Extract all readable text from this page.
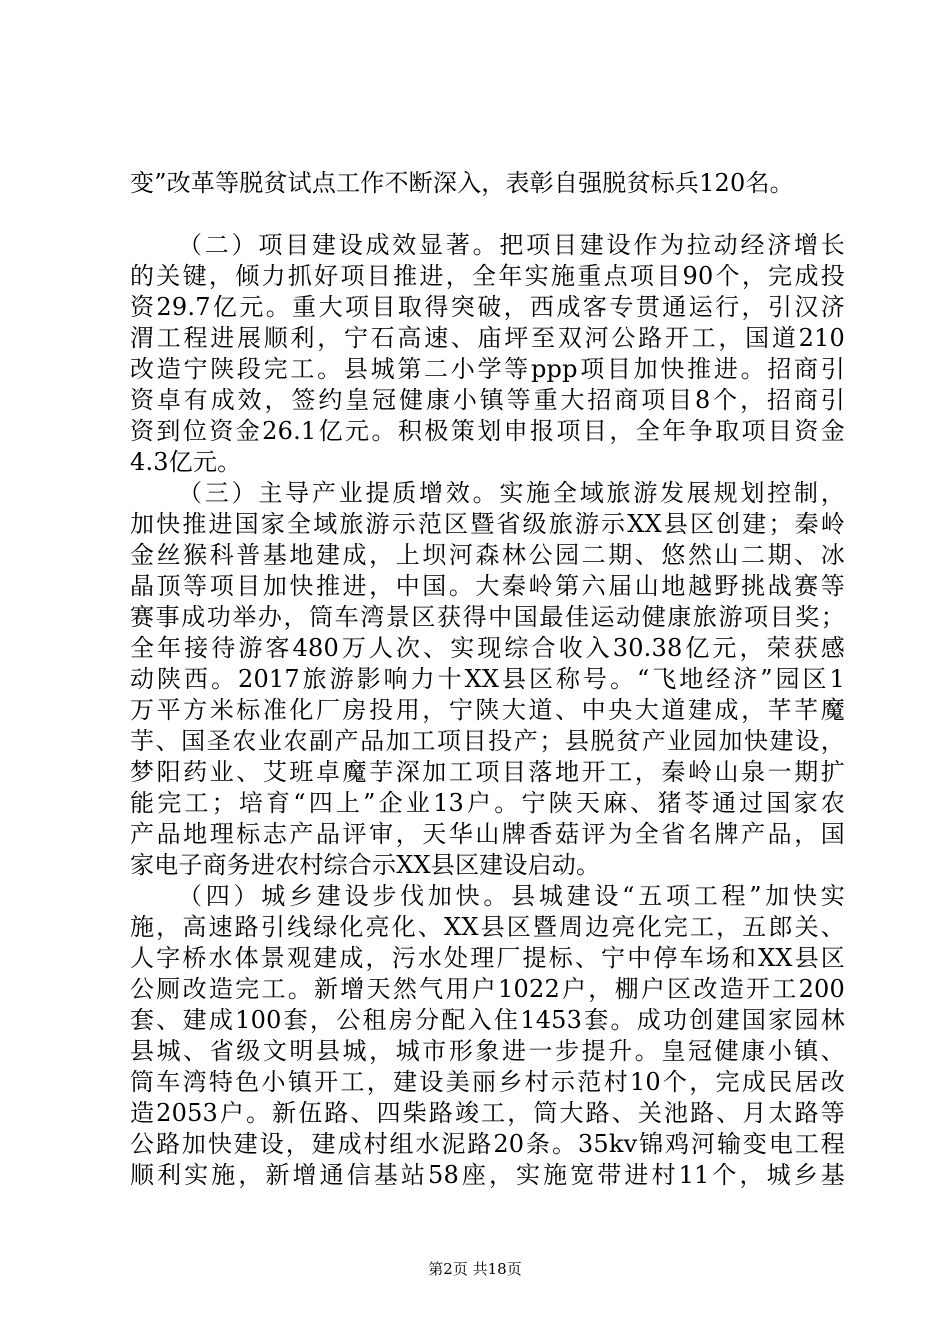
变”改革等脱贫试点工作不断深入，表彰自强脱贫标兵120名。

（二）项目建设成效显著。把项目建设作为拉动经济增长
的关键，倾力抓好项目推进，全年实施重点项目90个，完成投
资29.7亿元。重大项目取得突破，西成客专贯通运行，引汉济
渭工程进展顺利，宁石高速、庙坪至双河公路开工，国道210
改造宁陕段完工。县城第二小学等ppp项目加快推进。招商引
资卓有成效，签约皇冠健康小镇等重大招商项目8个，招商引
资到位资金26.1亿元。积极策划申报项目，全年争取项目资金
4.3亿元。

（三）主导产业提质增效。实施全域旅游发展规划控制，
加快推进国家全域旅游示范区暨省级旅游示XX县区创建；秦岭
金丝猴科普基地建成，上坝河森林公园二期、悠然山二期、冰
晶顶等项目加快推进，中国。大秦岭第六届山地越野挑战赛等
赛事成功举办，筒车湾景区获得中国最佳运动健康旅游项目奖；
全年接待游客480万人次、实现综合收入30.38亿元，荣获感
动陕西。2017旅游影响力十XX县区称号。“飞地经济”园区1
万平方米标准化厂房投用，宁陕大道、中央大道建成，芊芊魔
芋、国圣农业农副产品加工项目投产；县脱贫产业园加快建设，
梦阳药业、艾班卓魔芋深加工项目落地开工，秦岭山泉一期扩
能完工；培育“四上”企业13户。宁陕天麻、猪苓通过国家农
产品地理标志产品评审，天华山牌香菇评为全省名牌产品，国
家电子商务进农村综合示XX县区建设启动。

（四）城乡建设步伐加快。县城建设“五项工程”加快实
施，高速路引线绿化亮化、XX县区暨周边亮化完工，五郎关、
人字桥水体景观建成，污水处理厂提标、宁中停车场和XX县区
公厕改造完工。新增天然气用户1022户，棚户区改造开工200
套、建成100套，公租房分配入住1453套。成功创建国家园林
县城、省级文明县城，城市形象进一步提升。皇冠健康小镇、
筒车湾特色小镇开工，建设美丽乡村示范村10个，完成民居改
造2053户。新伍路、四柴路竣工，筒大路、关池路、月太路等
公路加快建设，建成村组水泥路20条。35kv锦鸡河输变电工程
顺利实施，新增通信基站58座，实施宽带进村11个，城乡基

第2页 共18页
